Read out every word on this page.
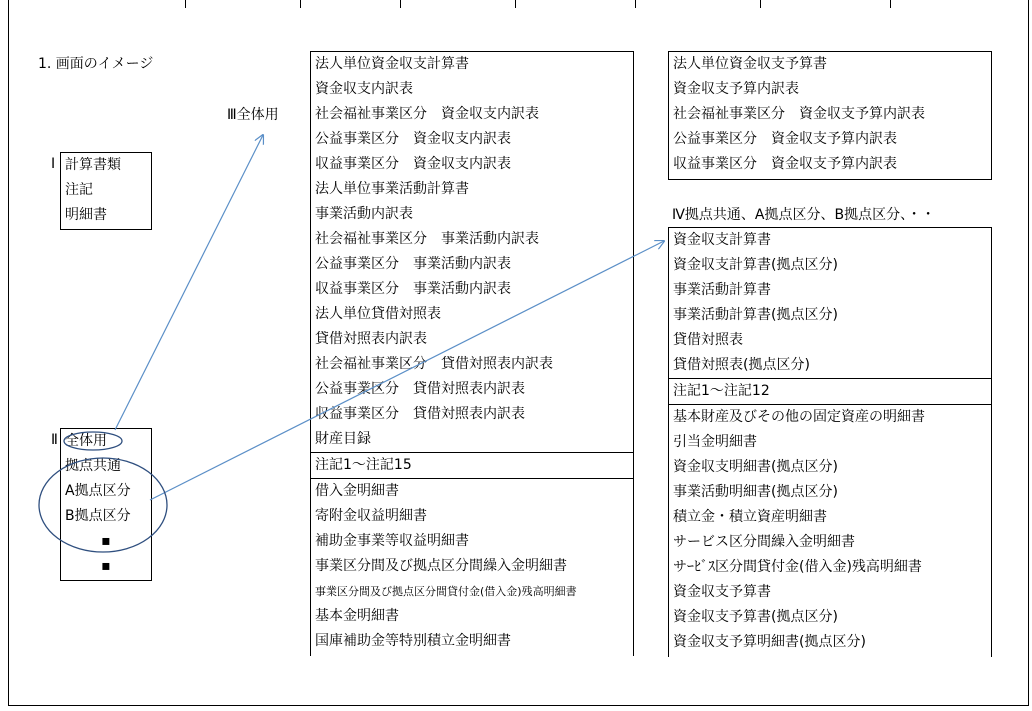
1. 画面のイメージ
Ⅰ 計算書類
注記
明細書
Ⅱ 全体用
拠点共通
A拠点区分
B拠点区分
▪
▪
Ⅲ全体用
法人単位資金収支計算書
資金収支内訳表
社会福祉事業区分　資金収支内訳表
公益事業区分　資金収支内訳表
収益事業区分　資金収支内訳表
法人単位事業活動計算書
事業活動内訳表
社会福祉事業区分　事業活動内訳表
公益事業区分　事業活動内訳表
収益事業区分　事業活動内訳表
法人単位貸借対照表
貸借対照表内訳表
社会福祉事業区分　貸借対照表内訳表
公益事業区分　貸借対照表内訳表
収益事業区分　貸借対照表内訳表
財産目録
注記1～注記15
借入金明細書
寄附金収益明細書
補助金事業等収益明細書
事業区分間及び拠点区分間繰入金明細書
事業区分間及び拠点区分間貸付金(借入金)残高明細書
基本金明細書
国庫補助金等特別積立金明細書
法人単位資金収支予算書
資金収支予算内訳表
社会福祉事業区分　資金収支予算内訳表
公益事業区分　資金収支予算内訳表
収益事業区分　資金収支予算内訳表
Ⅳ拠点共通、A拠点区分、B拠点区分、・・
資金収支計算書
資金収支計算書(拠点区分)
事業活動計算書
事業活動計算書(拠点区分)
貸借対照表
貸借対照表(拠点区分)
注記1～注記12
基本財産及びその他の固定資産の明細書
引当金明細書
資金収支明細書(拠点区分)
事業活動明細書(拠点区分)
積立金・積立資産明細書
サービス区分間繰入金明細書
サｰﾋﾞｽ区分間貸付金(借入金)残高明細書
資金収支予算書
資金収支予算書(拠点区分)
資金収支予算明細書(拠点区分)
